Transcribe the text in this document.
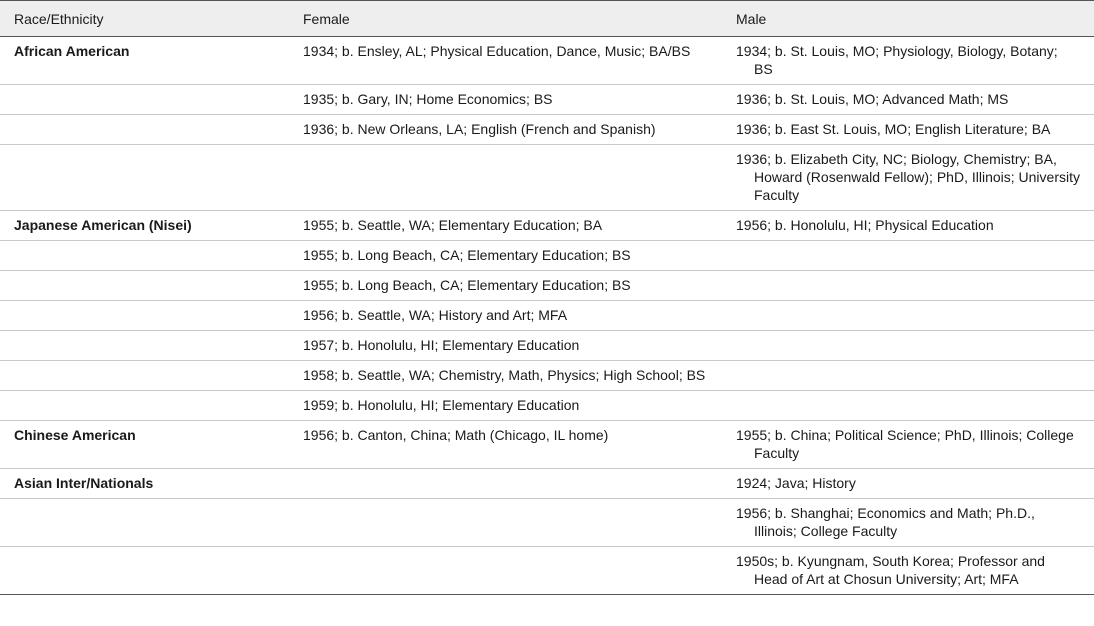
Race/Ethnicity	Female	Male
African American	1934; b. Ensley, AL; Physical Education, Dance, Music; BA/BS	1934; b. St. Louis, MO; Physiology, Biology, Botany; BS

	1935; b. Gary, IN; Home Economics; BS	1936; b. St. Louis, MO; Advanced Math; MS

	1936; b. New Orleans, LA; English (French and Spanish)	1936; b. East St. Louis, MO; English Literature; BA

		1936; b. Elizabeth City, NC; Biology, Chemistry; BA, Howard (Rosenwald Fellow); PhD, Illinois; University Faculty

Japanese American (Nisei)	1955; b. Seattle, WA; Elementary Education; BA	1956; b. Honolulu, HI; Physical Education

	1955; b. Long Beach, CA; Elementary Education; BS	

	1955; b. Long Beach, CA; Elementary Education; BS	

	1956; b. Seattle, WA; History and Art; MFA	

	1957; b. Honolulu, HI; Elementary Education	

	1958; b. Seattle, WA; Chemistry, Math, Physics; High School; BS	

	1959; b. Honolulu, HI; Elementary Education	

Chinese American	1956; b. Canton, China; Math (Chicago, IL home)	1955; b. China; Political Science; PhD, Illinois; College Faculty

Asian Inter/Nationals		1924; Java; History

		1956; b. Shanghai; Economics and Math; Ph.D., Illinois; College Faculty

		1950s; b. Kyungnam, South Korea; Professor and Head of Art at Chosun University; Art; MFA
